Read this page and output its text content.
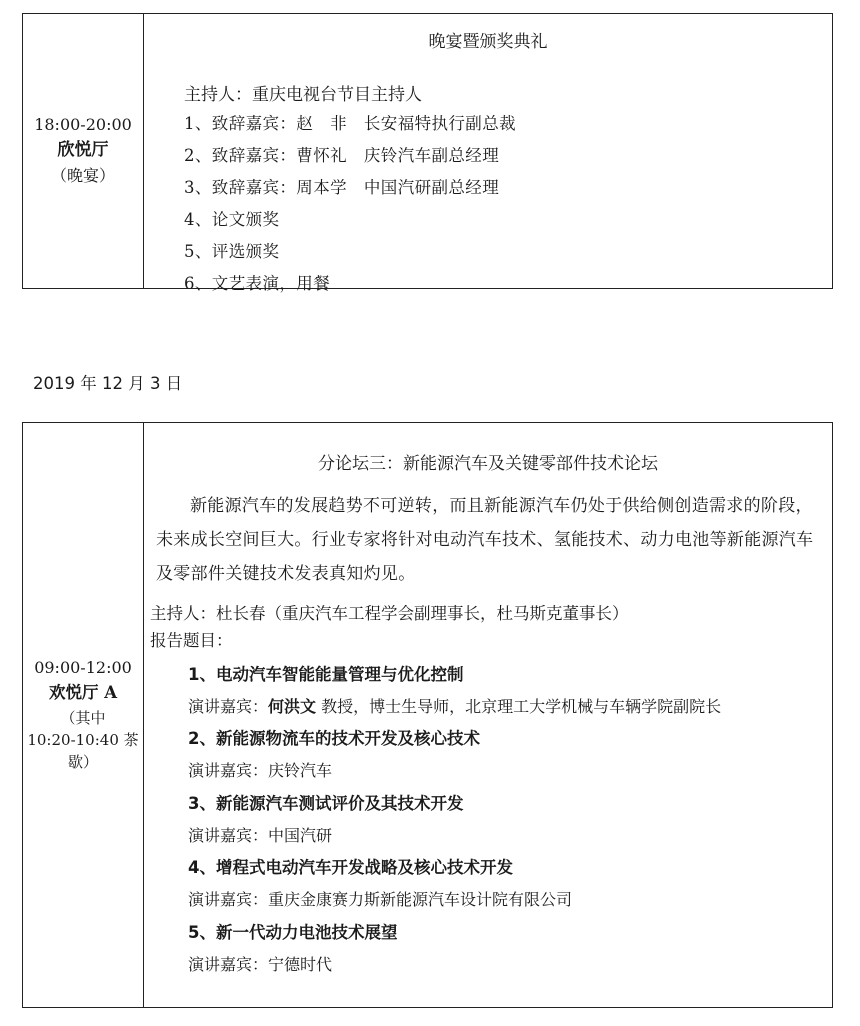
18:00-20:00
欣悦厅
（晚宴）
晚宴暨颁奖典礼
主持人：重庆电视台节目主持人
1、致辞嘉宾：赵　非　长安福特执行副总裁
2、致辞嘉宾：曹怀礼　庆铃汽车副总经理
3、致辞嘉宾：周本学　中国汽研副总经理
4、论文颁奖
5、评选颁奖
6、文艺表演，用餐
2019 年 12 月 3 日
09:00-12:00
欢悦厅 A
（其中
10:20-10:40 茶
歇）
分论坛三：新能源汽车及关键零部件技术论坛
新能源汽车的发展趋势不可逆转，而且新能源汽车仍处于供给侧创造需求的阶段，未来成长空间巨大。行业专家将针对电动汽车技术、氢能技术、动力电池等新能源汽车及零部件关键技术发表真知灼见。
主持人：杜长春（重庆汽车工程学会副理事长，杜马斯克董事长）
报告题目：
1、电动汽车智能能量管理与优化控制
演讲嘉宾：何洪文 教授，博士生导师，北京理工大学机械与车辆学院副院长
2、新能源物流车的技术开发及核心技术
演讲嘉宾：庆铃汽车
3、新能源汽车测试评价及其技术开发
演讲嘉宾：中国汽研
4、增程式电动汽车开发战略及核心技术开发
演讲嘉宾：重庆金康赛力斯新能源汽车设计院有限公司
5、新一代动力电池技术展望
演讲嘉宾：宁德时代
